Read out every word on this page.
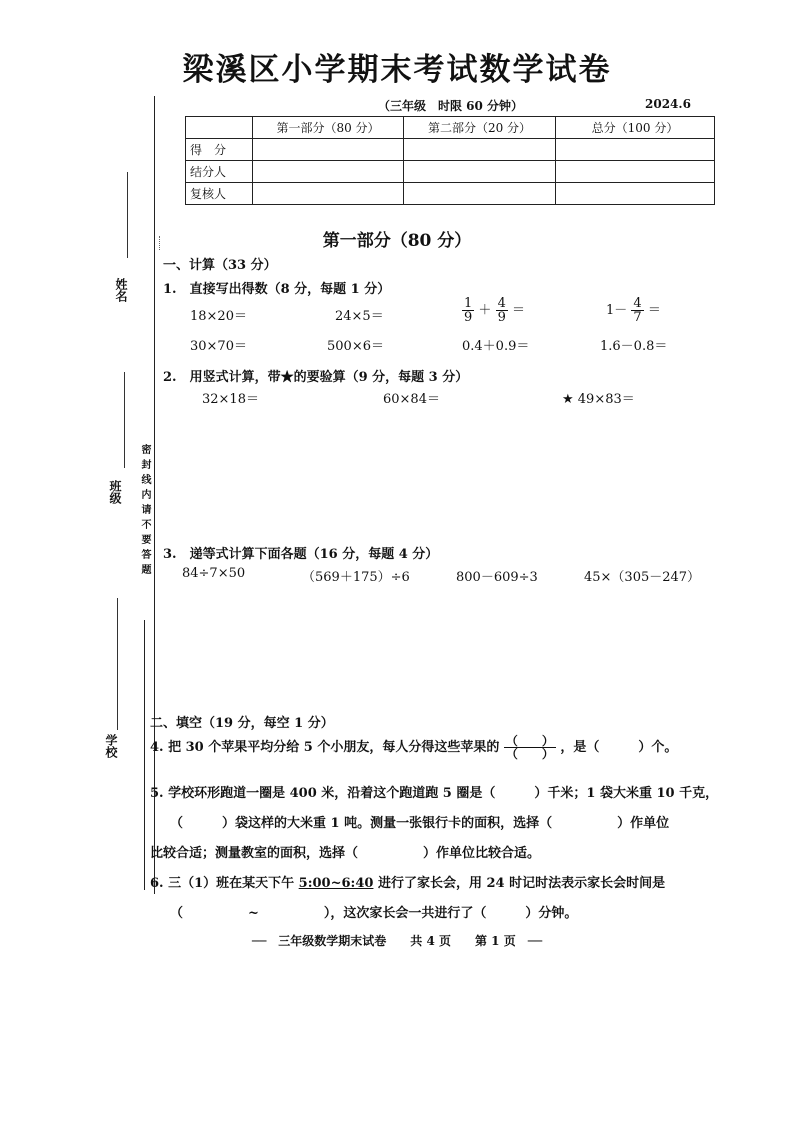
梁溪区小学期末考试数学试卷
（三年级　时限 60 分钟）	2024.6
姓名
班级
学校
密封线内请不要答题
	第一部分（80 分）	第二部分（20 分）	总分（100 分）
得　分			
结分人			
复核人			
第一部分（80 分）
一、计算（33 分）
1.　直接写出得数（8 分，每题 1 分）
18×20＝	24×5＝	$\frac{1}{9} + \frac{4}{9}$ ＝	$1- \frac{4}{7}$ ＝
30×70＝	500×6＝	0.4＋0.9＝	1.6－0.8＝
2.　用竖式计算，带★的要验算（9 分，每题 3 分）
32×18＝	60×84＝	★ 49×83＝
3.　递等式计算下面各题（16 分，每题 4 分）
84÷7×50	（569＋175）÷6	800－609÷3	45×（305－247）
二、填空（19 分，每空 1 分）
4. 把 30 个苹果平均分给 5 个小朋友，每人分得这些苹果的 $\frac{( )}{( )}$ ，是（　　　）个。
5. 学校环形跑道一圈是 400 米，沿着这个跑道跑 5 圈是（　　　）千米；1 袋大米重 10 千克，
（　　　）袋这样的大米重 1 吨。测量一张银行卡的面积，选择（　　　　　）作单位
比较合适；测量教室的面积，选择（　　　　　）作单位比较合适。
6. 三（1）班在某天下午 5:00~6:40 进行了家长会，用 24 时记时法表示家长会时间是
（　　　　　~　　　　　），这次家长会一共进行了（　　　）分钟。
──　三年级数学期末试卷　　共 4 页　　第 1 页　──
